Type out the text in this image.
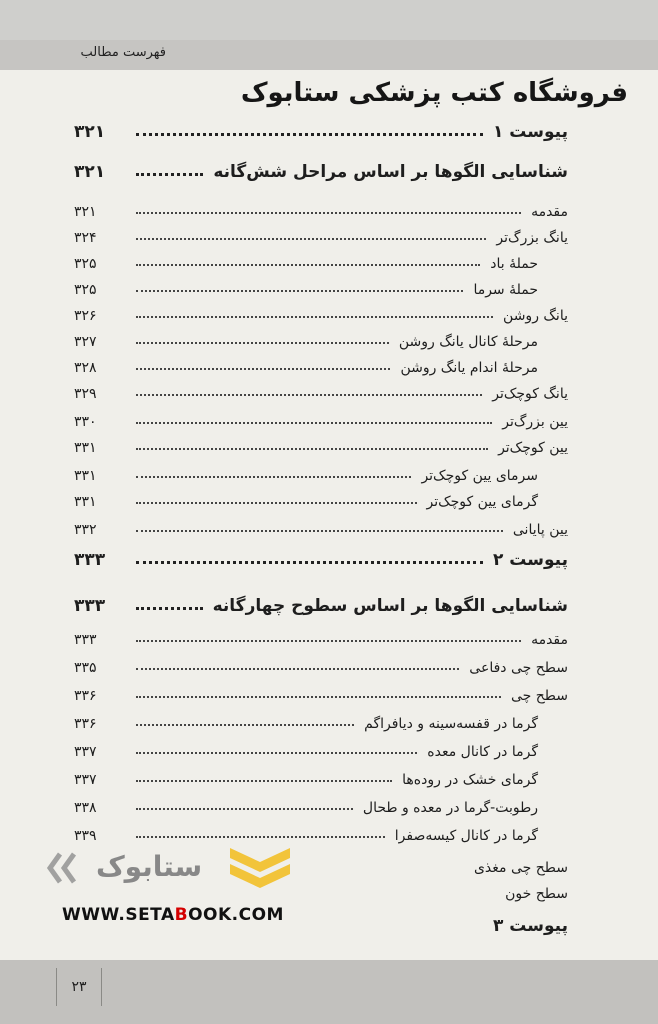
فهرست مطالب
فروشگاه کتب پزشکی ستابوک
پیوست ۱
۳۲۱
شناسایی الگوها بر اساس مراحل شش‌گانه
۳۲۱
مقدمه
۳۲۱
یانگ بزرگ‌تر
۳۲۴
حملهٔ باد
۳۲۵
حملهٔ سرما
۳۲۵
یانگ روشن
۳۲۶
مرحلهٔ کانال یانگ روشن
۳۲۷
مرحلهٔ اندام یانگ روشن
۳۲۸
یانگ کوچک‌تر
۳۲۹
یین بزرگ‌تر
۳۳۰
یین کوچک‌تر
۳۳۱
سرمای یین کوچک‌تر
۳۳۱
گرمای یین کوچک‌تر
۳۳۱
یین پایانی
۳۳۲
پیوست ۲
۳۳۳
شناسایی الگوها بر اساس سطوح چهارگانه
۳۳۳
مقدمه
۳۳۳
سطح چی دفاعی
۳۳۵
سطح چی
۳۳۶
گرما در قفسه‌سینه و دیافراگم
۳۳۶
گرما در کانال معده
۳۳۷
گرمای خشک در روده‌ها
۳۳۷
رطوبت-گرما در معده و طحال
۳۳۸
گرما در کانال کیسه‌صفرا
۳۳۹
سطح چی مغذی
سطح خون
پیوست ۳
ستابوک
WWW.SETABOOK.COM
۲۳
